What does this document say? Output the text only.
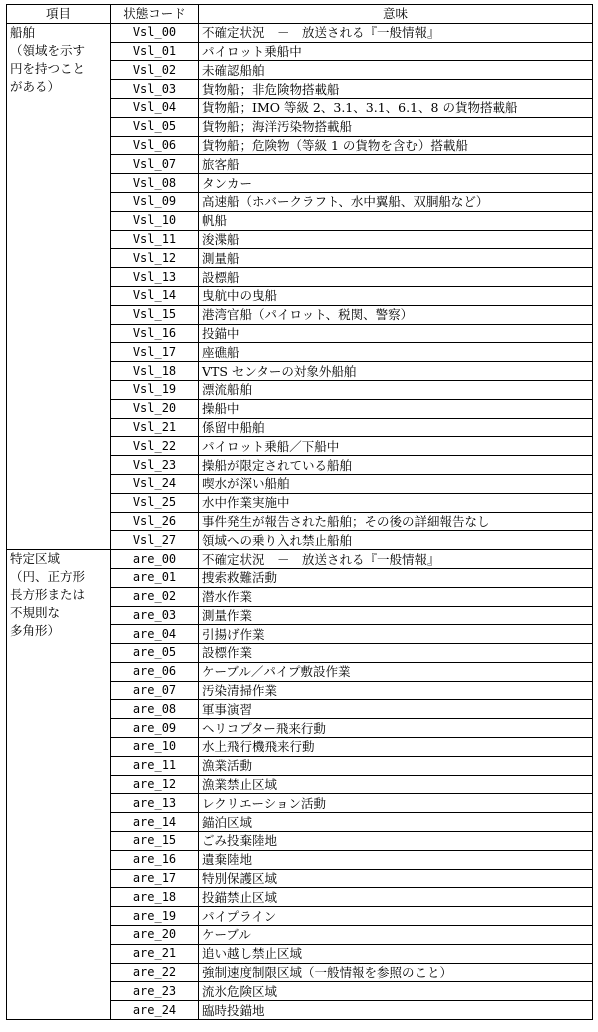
項目	状態コード	意味

船舶
（領域を示す
円を持つこと
がある）	Vsl_00	不確定状況　－　放送される『一般情報』
	Vsl_01	パイロット乗船中
	Vsl_02	未確認船舶
	Vsl_03	貨物船；非危険物搭載船
	Vsl_04	貨物船；IMO 等級 2、3.1、3.1、6.1、8 の貨物搭載船
	Vsl_05	貨物船；海洋汚染物搭載船
	Vsl_06	貨物船；危険物（等級 1 の貨物を含む）搭載船
	Vsl_07	旅客船
	Vsl_08	タンカー
	Vsl_09	高速船（ホバークラフト、水中翼船、双胴船など）
	Vsl_10	帆船
	Vsl_11	浚渫船
	Vsl_12	測量船
	Vsl_13	設標船
	Vsl_14	曳航中の曳船
	Vsl_15	港湾官船（パイロット、税関、警察）
	Vsl_16	投錨中
	Vsl_17	座礁船
	Vsl_18	VTS センターの対象外船舶
	Vsl_19	漂流船舶
	Vsl_20	操船中
	Vsl_21	係留中船舶
	Vsl_22	パイロット乗船／下船中
	Vsl_23	操船が限定されている船舶
	Vsl_24	喫水が深い船舶
	Vsl_25	水中作業実施中
	Vsl_26	事件発生が報告された船舶；その後の詳細報告なし
	Vsl_27	領域への乗り入れ禁止船舶

特定区域
（円、正方形
長方形または
不規則な
多角形）	are_00	不確定状況　－　放送される『一般情報』
	are_01	捜索救難活動
	are_02	潜水作業
	are_03	測量作業
	are_04	引揚げ作業
	are_05	設標作業
	are_06	ケーブル／パイプ敷設作業
	are_07	汚染清掃作業
	are_08	軍事演習
	are_09	ヘリコプター飛来行動
	are_10	水上飛行機飛来行動
	are_11	漁業活動
	are_12	漁業禁止区域
	are_13	レクリエーション活動
	are_14	錨泊区域
	are_15	ごみ投棄陸地
	are_16	遺棄陸地
	are_17	特別保護区域
	are_18	投錨禁止区域
	are_19	パイプライン
	are_20	ケーブル
	are_21	追い越し禁止区域
	are_22	強制速度制限区域（一般情報を参照のこと）
	are_23	流氷危険区域
	are_24	臨時投錨地
